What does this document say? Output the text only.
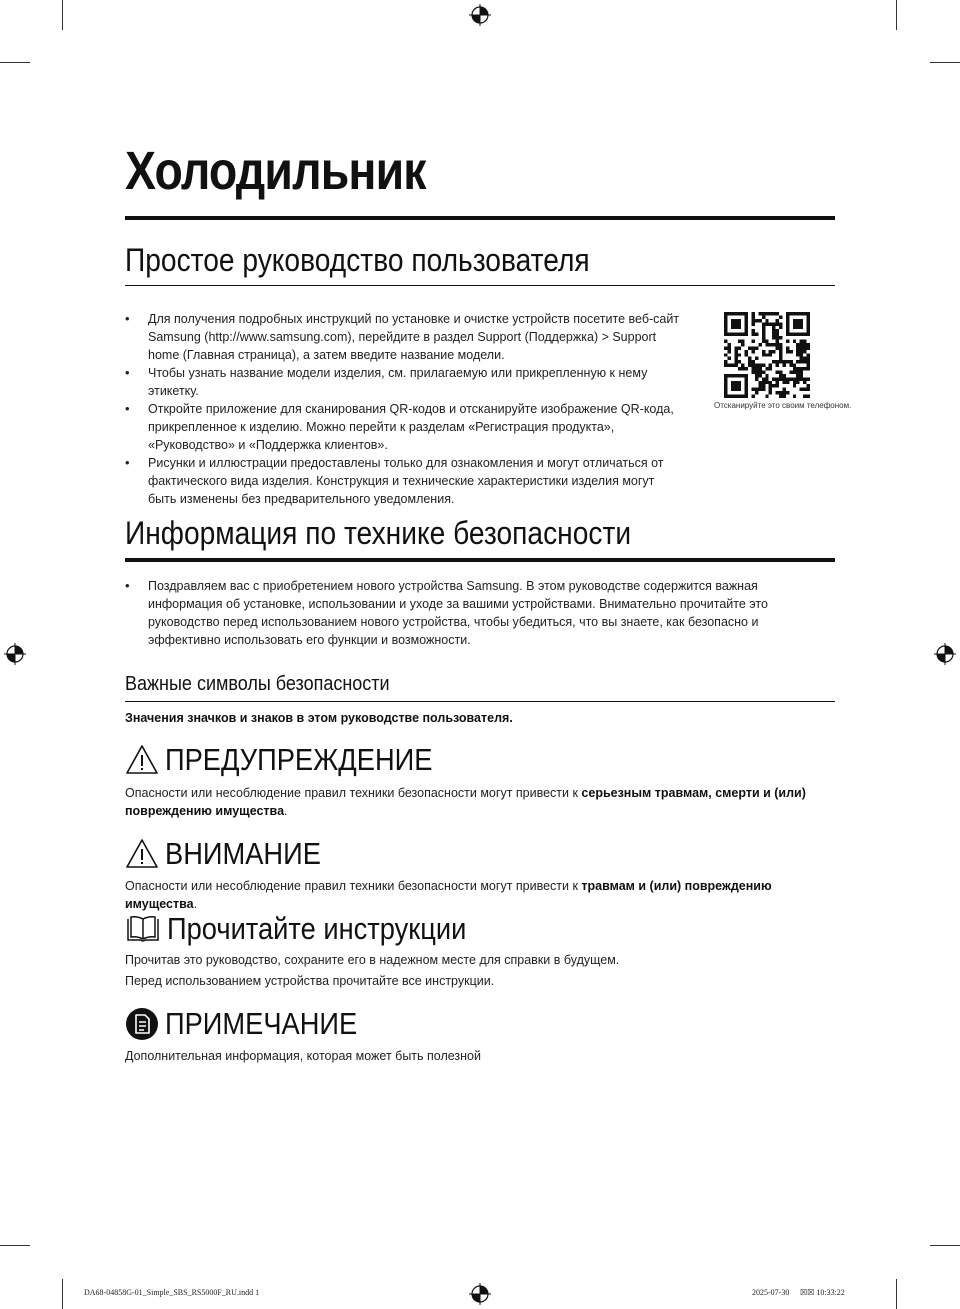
Холодильник
Простое руководство пользователя
• Для получения подробных инструкций по установке и очистке устройств посетите веб-сайт Samsung (http://www.samsung.com), перейдите в раздел Support (Поддержка) > Support home (Главная страница), а затем введите название модели.
• Чтобы узнать название модели изделия, см. прилагаемую или прикрепленную к нему этикетку.
• Откройте приложение для сканирования QR-кодов и отсканируйте изображение QR-кода, прикрепленное к изделию. Можно перейти к разделам «Регистрация продукта», «Руководство» и «Поддержка клиентов».
• Рисунки и иллюстрации предоставлены только для ознакомления и могут отличаться от фактического вида изделия. Конструкция и технические характеристики изделия могут быть изменены без предварительного уведомления.
Отсканируйте это своим телефоном.
Информация по технике безопасности
• Поздравляем вас с приобретением нового устройства Samsung. В этом руководстве содержится важная информация об установке, использовании и уходе за вашими устройствами. Внимательно прочитайте это руководство перед использованием нового устройства, чтобы убедиться, что вы знаете, как безопасно и эффективно использовать его функции и возможности.
Важные символы безопасности

Значения значков и знаков в этом руководстве пользователя.

ПРЕДУПРЕЖДЕНИЕ

Опасности или несоблюдение правил техники безопасности могут привести к серьезным травмам, смерти и (или) повреждению имущества.

ВНИМАНИЕ

Опасности или несоблюдение правил техники безопасности могут привести к травмам и (или) повреждению имущества.

Прочитайте инструкции

Прочитав это руководство, сохраните его в надежном месте для справки в будущем.

Перед использованием устройства прочитайте все инструкции.

ПРИМЕЧАНИЕ

Дополнительная информация, которая может быть полезной

DA68-04858G-01_Simple_SBS_RS5000F_RU.indd 1	2025-07-30 ☒☒ 10:33:22
